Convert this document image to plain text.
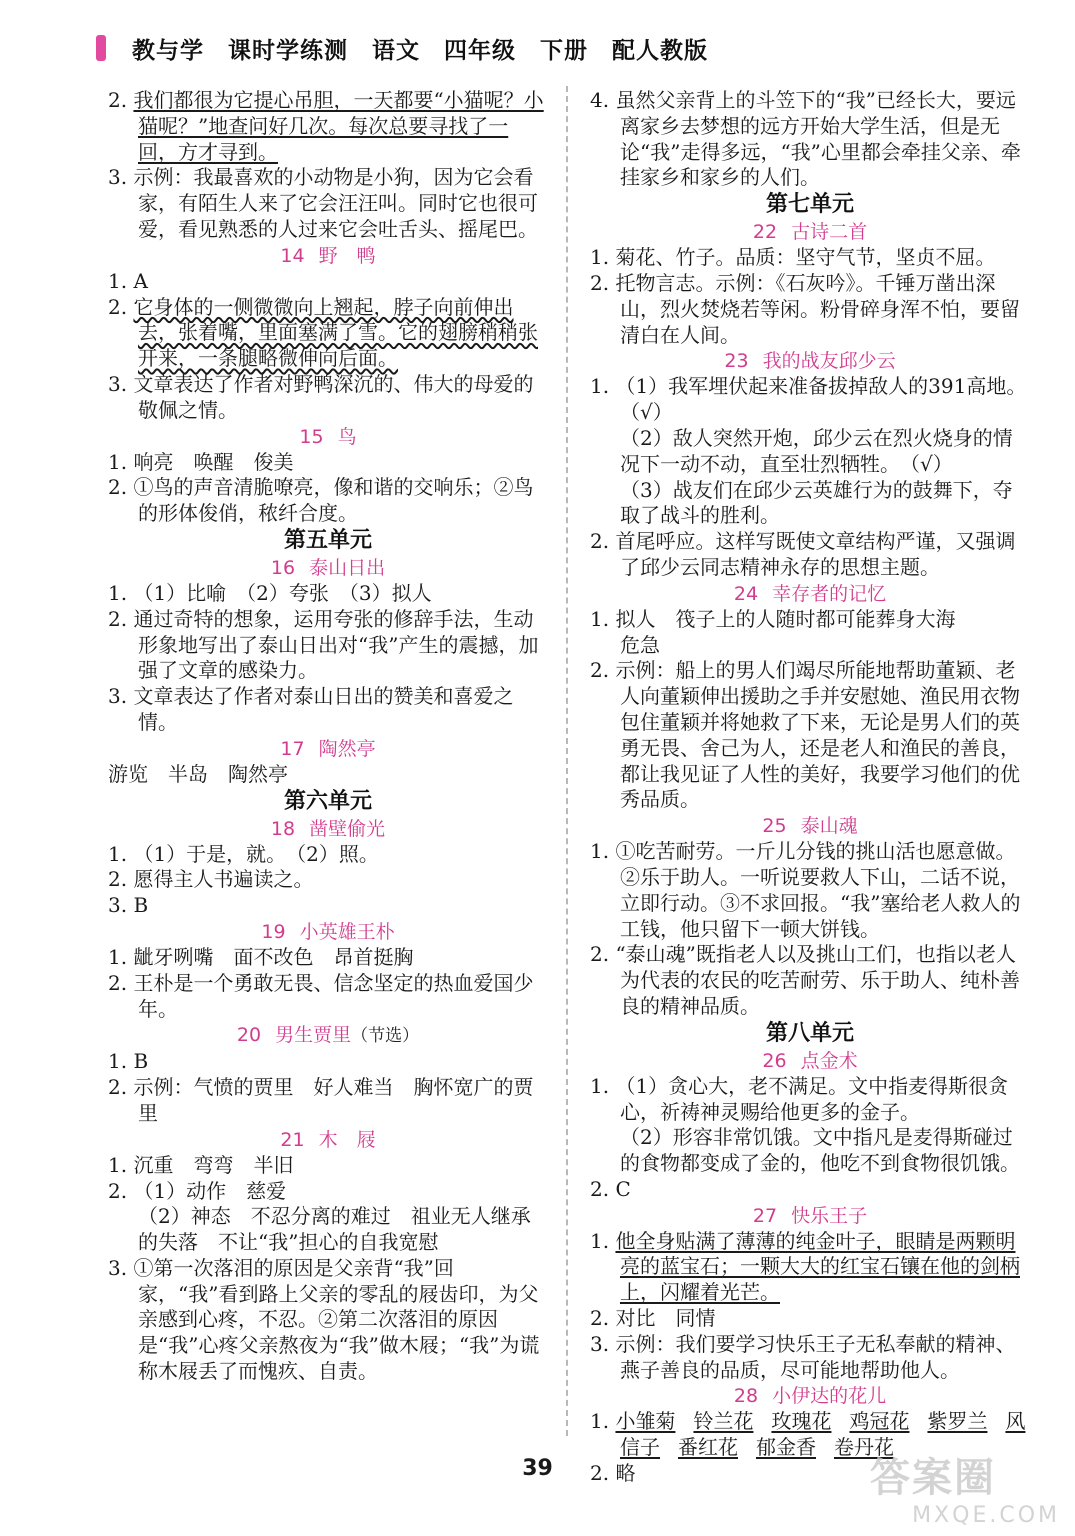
教与学 课时学练测 语文 四年级 下册 配人教版
2. 我们都很为它提心吊胆，一天都要“小猫呢？小猫呢？”地查问好几次。每次总要寻找了一回，方才寻到。
3. 示例：我最喜欢的小动物是小狗，因为它会看家，有陌生人来了它会汪汪叫。同时它也很可爱，看见熟悉的人过来它会吐舌头、摇尾巴。
14 野　鸭
1. A
2. 它身体的一侧微微向上翘起，脖子向前伸出去，张着嘴，里面塞满了雪。它的翅膀稍稍张开来，一条腿略微伸向后面。
3. 文章表达了作者对野鸭深沉的、伟大的母爱的敬佩之情。
15 鸟
1. 响亮　唤醒　俊美
2. ①鸟的声音清脆嘹亮，像和谐的交响乐；②鸟的形体俊俏，秾纤合度。
第五单元
16 泰山日出
1. （1）比喻　（2）夸张　（3）拟人
2. 通过奇特的想象，运用夸张的修辞手法，生动形象地写出了泰山日出对“我”产生的震撼，加强了文章的感染力。
3. 文章表达了作者对泰山日出的赞美和喜爱之情。
17 陶然亭
游览　半岛　陶然亭
第六单元
18 凿壁偷光
1. （1）于是，就。　（2）照。
2. 愿得主人书遍读之。
3. B
19 小英雄王朴
1. 龇牙咧嘴　面不改色　昂首挺胸
2. 王朴是一个勇敢无畏、信念坚定的热血爱国少年。
20 男生贾里（节选）
1. B
2. 示例：气愤的贾里　好人难当　胸怀宽广的贾里
21 木　屐
1. 沉重　弯弯　半旧
2. （1）动作　慈爱
（2）神态　不忍分离的难过　祖业无人继承的失落　不让“我”担心的自我宽慰
3. ①第一次落泪的原因是父亲背“我”回家，“我”看到路上父亲的零乱的屐齿印，为父亲感到心疼，不忍。②第二次落泪的原因是“我”心疼父亲熬夜为“我”做木屐；“我”为谎称木屐丢了而愧疚、自责。
4. 虽然父亲背上的斗笠下的“我”已经长大，要远离家乡去梦想的远方开始大学生活，但是无论“我”走得多远，“我”心里都会牵挂父亲、牵挂家乡和家乡的人们。
第七单元
22 古诗二首
1. 菊花、竹子。品质：坚守气节，坚贞不屈。
2. 托物言志。示例：《石灰吟》。千锤万凿出深山，烈火焚烧若等闲。粉骨碎身浑不怕，要留清白在人间。
23 我的战友邱少云
1. （1）我军埋伏起来准备拔掉敌人的391高地。（√）
（2）敌人突然开炮，邱少云在烈火烧身的情况下一动不动，直至壮烈牺牲。　（√）
（3）战友们在邱少云英雄行为的鼓舞下，夺取了战斗的胜利。
2. 首尾呼应。这样写既使文章结构严谨，又强调了邱少云同志精神永存的思想主题。
24 幸存者的记忆
1. 拟人　筏子上的人随时都可能葬身大海
危急
2. 示例：船上的男人们竭尽所能地帮助董颖、老人向董颖伸出援助之手并安慰她、渔民用衣物包住董颖并将她救了下来，无论是男人们的英勇无畏、舍己为人，还是老人和渔民的善良，都让我见证了人性的美好，我要学习他们的优秀品质。
25 泰山魂
1. ①吃苦耐劳。一斤儿分钱的挑山活也愿意做。②乐于助人。一听说要救人下山，二话不说，立即行动。③不求回报。“我”塞给老人救人的工钱，他只留下一顿大饼钱。
2. “泰山魂”既指老人以及挑山工们，也指以老人为代表的农民的吃苦耐劳、乐于助人、纯朴善良的精神品质。
第八单元
26 点金术
1. （1）贪心大，老不满足。文中指麦得斯很贪心，祈祷神灵赐给他更多的金子。
（2）形容非常饥饿。文中指凡是麦得斯碰过的食物都变成了金的，他吃不到食物很饥饿。
2. C
27 快乐王子
1. 他全身贴满了薄薄的纯金叶子，眼睛是两颗明亮的蓝宝石；一颗大大的红宝石镶在他的剑柄上，闪耀着光芒。
2. 对比　同情
3. 示例：我们要学习快乐王子无私奉献的精神、燕子善良的品质，尽可能地帮助他人。
28 小伊达的花儿
1. 小雏菊 铃兰花 玫瑰花 鸡冠花 紫罗兰 风信子 番红花 郁金香 卷丹花
2. 略
39	答案圈
MXQE.COM
